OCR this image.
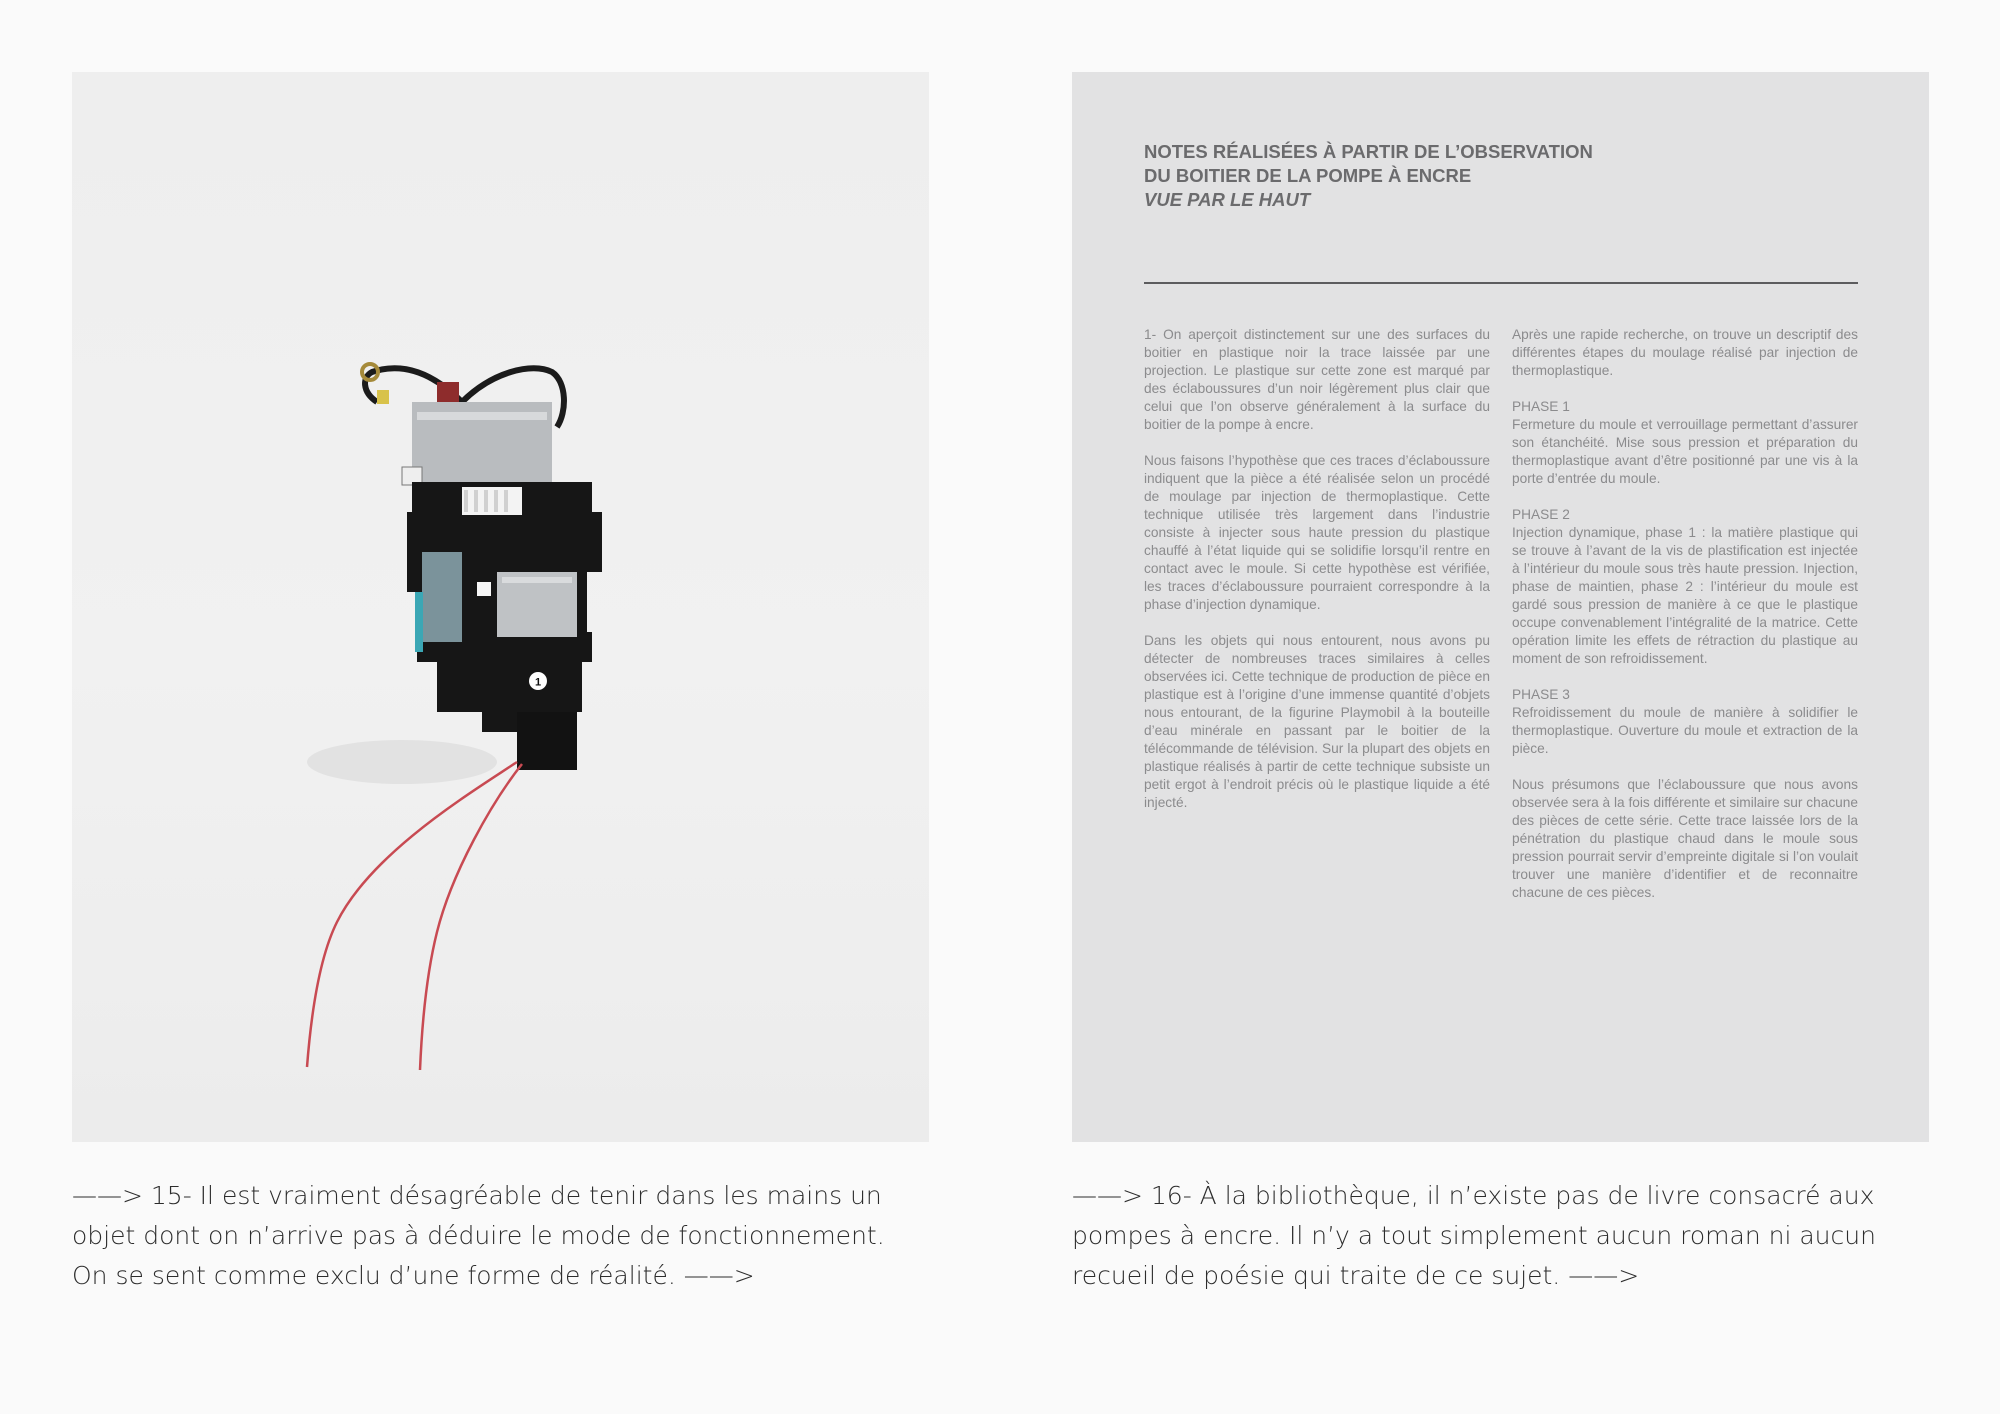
1
NOTES RÉALISÉES À PARTIR DE L’OBSERVATION
DU BOITIER DE LA POMPE À ENCRE
VUE PAR LE HAUT

1- On aperçoit distinctement sur une des surfaces du boitier en plastique noir la trace laissée par une projection. Le plastique sur cette zone est marqué par des éclaboussures d’un noir légèrement plus clair que celui que l’on observe généralement à la surface du boitier de la pompe à encre.

Nous faisons l’hypothèse que ces traces d’éclaboussure indiquent que la pièce a été réalisée selon un procédé de moulage par injection de thermoplastique. Cette technique utilisée très largement dans l’industrie consiste à injecter sous haute pression du plastique chauffé à l’état liquide qui se solidifie lorsqu’il rentre en contact avec le moule. Si cette hypothèse est vérifiée, les traces d’éclaboussure pourraient correspondre à la phase d’injection dynamique.

Dans les objets qui nous entourent, nous avons pu détecter de nombreuses traces similaires à celles observées ici. Cette technique de production de pièce en plastique est à l’origine d’une immense quantité d’objets nous entourant, de la figurine Playmobil à la bouteille d’eau minérale en passant par le boitier de la télécommande de télévision. Sur la plupart des objets en plastique réalisés à partir de cette technique subsiste un petit ergot à l’endroit précis où le plastique liquide a été injecté.

Après une rapide recherche, on trouve un descriptif des différentes étapes du moulage réalisé par injection de thermoplastique.

PHASE 1
Fermeture du moule et verrouillage permettant d’assurer son étanchéité. Mise sous pression et préparation du thermoplastique avant d’être positionné par une vis à la porte d’entrée du moule.

PHASE 2
Injection dynamique, phase 1 : la matière plastique qui se trouve à l’avant de la vis de plastification est injectée à l’intérieur du moule sous très haute pression. Injection, phase de maintien, phase 2 : l’intérieur du moule est gardé sous pression de manière à ce que le plastique occupe convenablement l’intégralité de la matrice. Cette opération limite les effets de rétraction du plastique au moment de son refroidissement.

PHASE 3
Refroidissement du moule de manière à solidifier le thermoplastique. Ouverture du moule et extraction de la pièce.

Nous présumons que l’éclaboussure que nous avons observée sera à la fois différente et similaire sur chacune des pièces de cette série. Cette trace laissée lors de la pénétration du plastique chaud dans le moule sous pression pourrait servir d’empreinte digitale si l’on voulait trouver une manière d’identifier et de reconnaitre chacune de ces pièces.

——> 15- Il est vraiment désagréable de tenir dans les mains un
objet dont on n’arrive pas à déduire le mode de fonctionnement.
On se sent comme exclu d’une forme de réalité. ——>
——> 16- À la bibliothèque, il n’existe pas de livre consacré aux
pompes à encre. Il n’y a tout simplement aucun roman ni aucun
recueil de poésie qui traite de ce sujet. ——>
